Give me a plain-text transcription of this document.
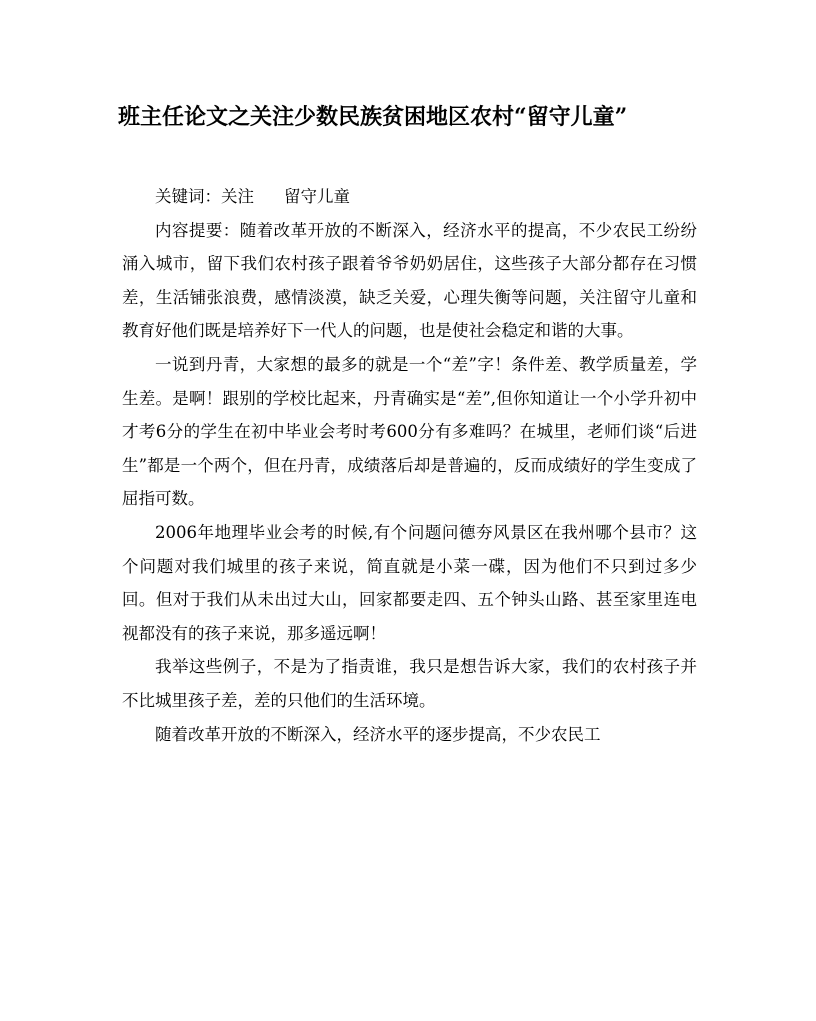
班主任论文之关注少数民族贫困地区农村“留守儿童”

关键词：关注 留守儿童

内容提要：随着改革开放的不断深入，经济水平的提高，不少农民工纷纷涌入城市，留下我们农村孩子跟着爷爷奶奶居住，这些孩子大部分都存在习惯差，生活铺张浪费，感情淡漠，缺乏关爱，心理失衡等问题，关注留守儿童和教育好他们既是培养好下一代人的问题，也是使社会稳定和谐的大事。

一说到丹青，大家想的最多的就是一个“差”字！条件差、教学质量差，学生差。是啊！跟别的学校比起来，丹青确实是“差”,但你知道让一个小学升初中才考6分的学生在初中毕业会考时考600分有多难吗？在城里，老师们谈“后进生”都是一个两个，但在丹青，成绩落后却是普遍的，反而成绩好的学生变成了屈指可数。

2006年地理毕业会考的时候,有个问题问德夯风景区在我州哪个县市？这个问题对我们城里的孩子来说，简直就是小菜一碟，因为他们不只到过多少回。但对于我们从未出过大山，回家都要走四、五个钟头山路、甚至家里连电视都没有的孩子来说，那多遥远啊！

我举这些例子，不是为了指责谁，我只是想告诉大家，我们的农村孩子并不比城里孩子差，差的只他们的生活环境。

随着改革开放的不断深入，经济水平的逐步提高，不少农民工
